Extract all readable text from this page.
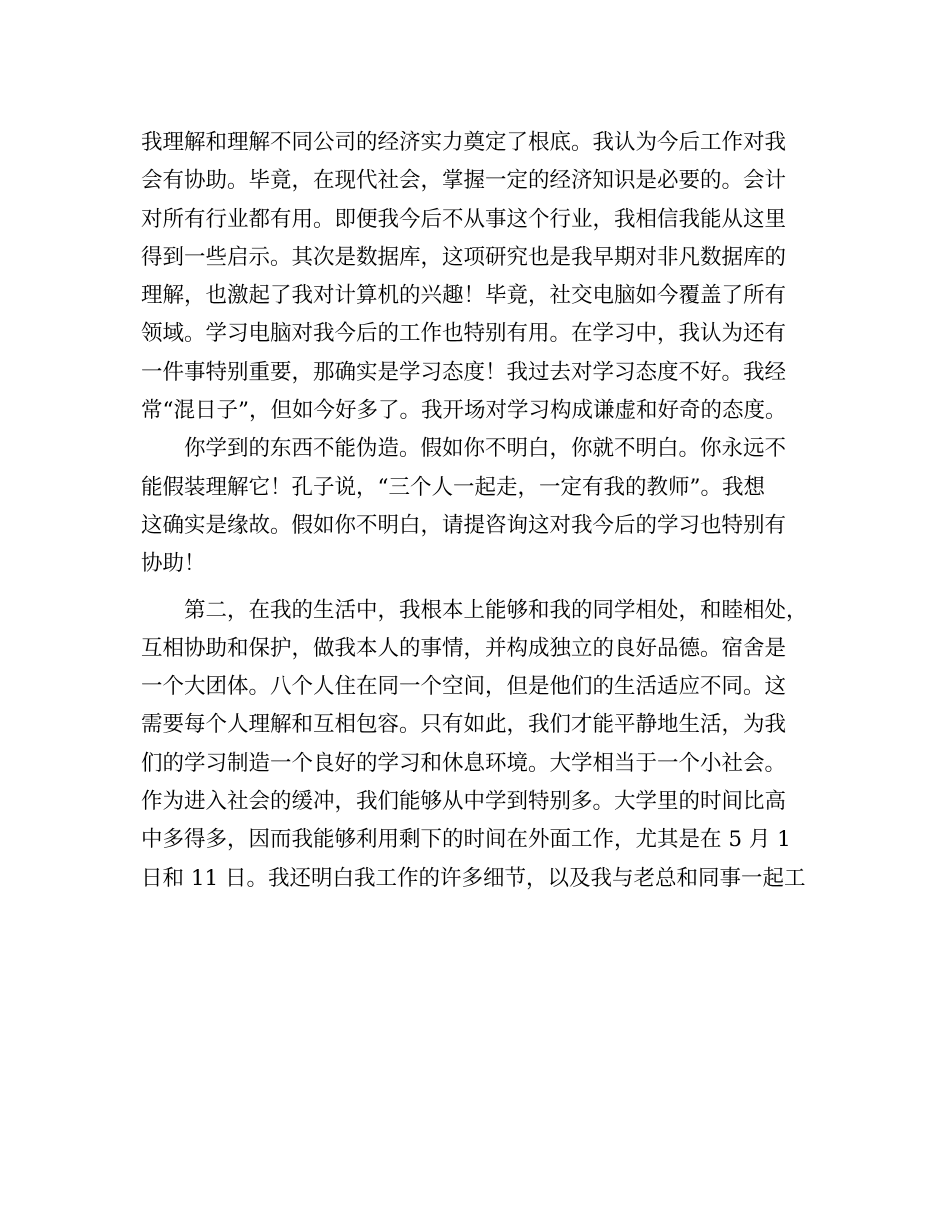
我理解和理解不同公司的经济实力奠定了根底。我认为今后工作对我
会有协助。毕竟，在现代社会，掌握一定的经济知识是必要的。会计
对所有行业都有用。即便我今后不从事这个行业，我相信我能从这里
得到一些启示。其次是数据库，这项研究也是我早期对非凡数据库的
理解，也激起了我对计算机的兴趣！毕竟，社交电脑如今覆盖了所有
领域。学习电脑对我今后的工作也特别有用。在学习中，我认为还有
一件事特别重要，那确实是学习态度！我过去对学习态度不好。我经
常“混日子”，但如今好多了。我开场对学习构成谦虚和好奇的态度。
你学到的东西不能伪造。假如你不明白，你就不明白。你永远不
能假装理解它！孔子说，“三个人一起走，一定有我的教师”。我想
这确实是缘故。假如你不明白，请提咨询这对我今后的学习也特别有
协助！
第二，在我的生活中，我根本上能够和我的同学相处，和睦相处，
互相协助和保护，做我本人的事情，并构成独立的良好品德。宿舍是
一个大团体。八个人住在同一个空间，但是他们的生活适应不同。这
需要每个人理解和互相包容。只有如此，我们才能平静地生活，为我
们的学习制造一个良好的学习和休息环境。大学相当于一个小社会。
作为进入社会的缓冲，我们能够从中学到特别多。大学里的时间比高
中多得多，因而我能够利用剩下的时间在外面工作，尤其是在 5 月 1
日和 11 日。我还明白我工作的许多细节，以及我与老总和同事一起工
